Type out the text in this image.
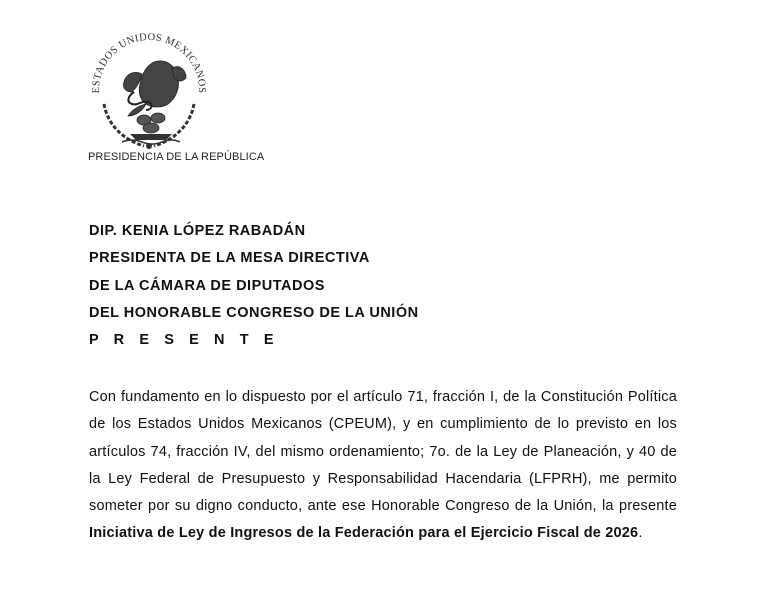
ESTADOS UNIDOS MEXICANOS
PRESIDENCIA DE LA REPÚBLICA
DIP. KENIA LÓPEZ RABADÁN
PRESIDENTA DE LA MESA DIRECTIVA
DE LA CÁMARA DE DIPUTADOS
DEL HONORABLE CONGRESO DE LA UNIÓN
P R E S E N T E

Con fundamento en lo dispuesto por el artículo 71, fracción I, de la Constitución Política de los Estados Unidos Mexicanos (CPEUM), y en cumplimiento de lo previsto en los artículos 74, fracción IV, del mismo ordenamiento; 7o. de la Ley de Planeación, y 40 de la Ley Federal de Presupuesto y Responsabilidad Hacendaria (LFPRH), me permito someter por su digno conducto, ante ese Honorable Congreso de la Unión, la presente Iniciativa de Ley de Ingresos de la Federación para el Ejercicio Fiscal de 2026.
